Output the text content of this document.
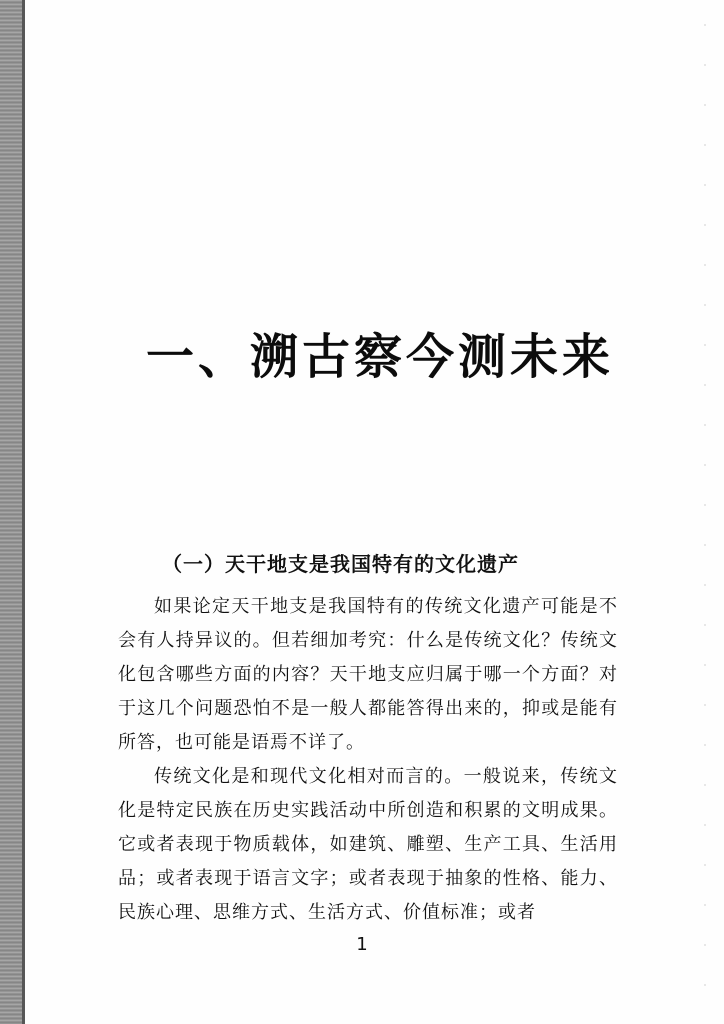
一、溯古察今测未来
（一）天干地支是我国特有的文化遗产

如果论定天干地支是我国特有的传统文化遗产可能是不会有人持异议的。但若细加考究：什么是传统文化？传统文化包含哪些方面的内容？天干地支应归属于哪一个方面？对于这几个问题恐怕不是一般人都能答得出来的，抑或是能有所答，也可能是语焉不详了。

传统文化是和现代文化相对而言的。一般说来，传统文化是特定民族在历史实践活动中所创造和积累的文明成果。它或者表现于物质载体，如建筑、雕塑、生产工具、生活用品；或者表现于语言文字；或者表现于抽象的性格、能力、民族心理、思维方式、生活方式、价值标准；或者

1
